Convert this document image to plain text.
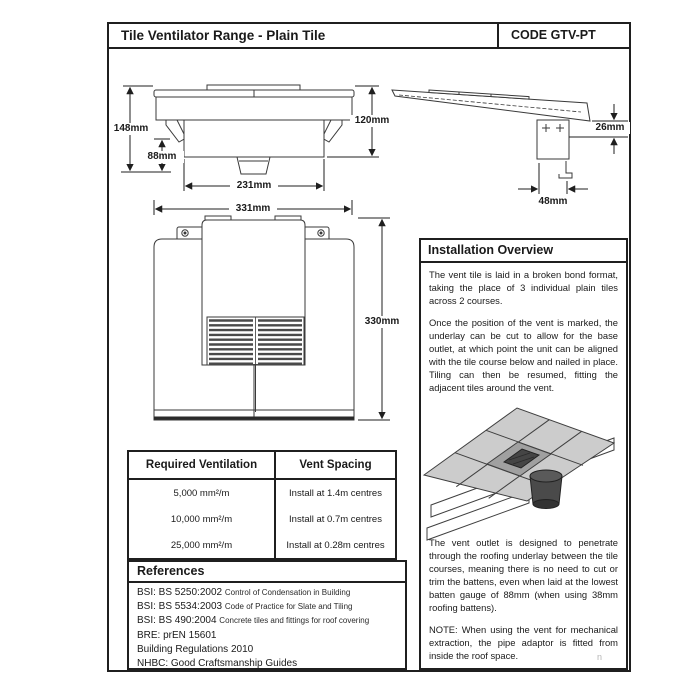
Tile Ventilator Range - Plain Tile	CODE GTV-PT
148mm
88mm
120mm
231mm
331mm
330mm
26mm
48mm
Installation Overview

The vent tile is laid in a broken bond format, taking the place of 3 individual plain tiles across 2 courses.

Once the position of the vent is marked, the underlay can be cut to allow for the base outlet, at which point the unit can be aligned with the tile course below and nailed in place. Tiling can then be resumed, fitting the adjacent tiles around the vent.

The vent outlet is designed to penetrate through the roofing underlay between the tile courses, meaning there is no need to cut or trim the battens, even when laid at the lowest batten gauge of 88mm (when using 38mm roofing battens).

NOTE: When using the vent for mechanical extraction, the pipe adaptor is fitted from inside the roof space.

Required Ventilation	Vent Spacing
5,000 mm²/m	Install at 1.4m centres
10,000 mm²/m	Install at 0.7m centres
25,000 mm²/m	Install at 0.28m centres
References
BSI: BS 5250:2002 Control of Condensation in Building
BSI: BS 5534:2003 Code of Practice for Slate and Tiling
BSI: BS 490:2004 Concrete tiles and fittings for roof covering
BRE: prEN 15601
Building Regulations 2010
NHBC: Good Craftsmanship Guides
n
